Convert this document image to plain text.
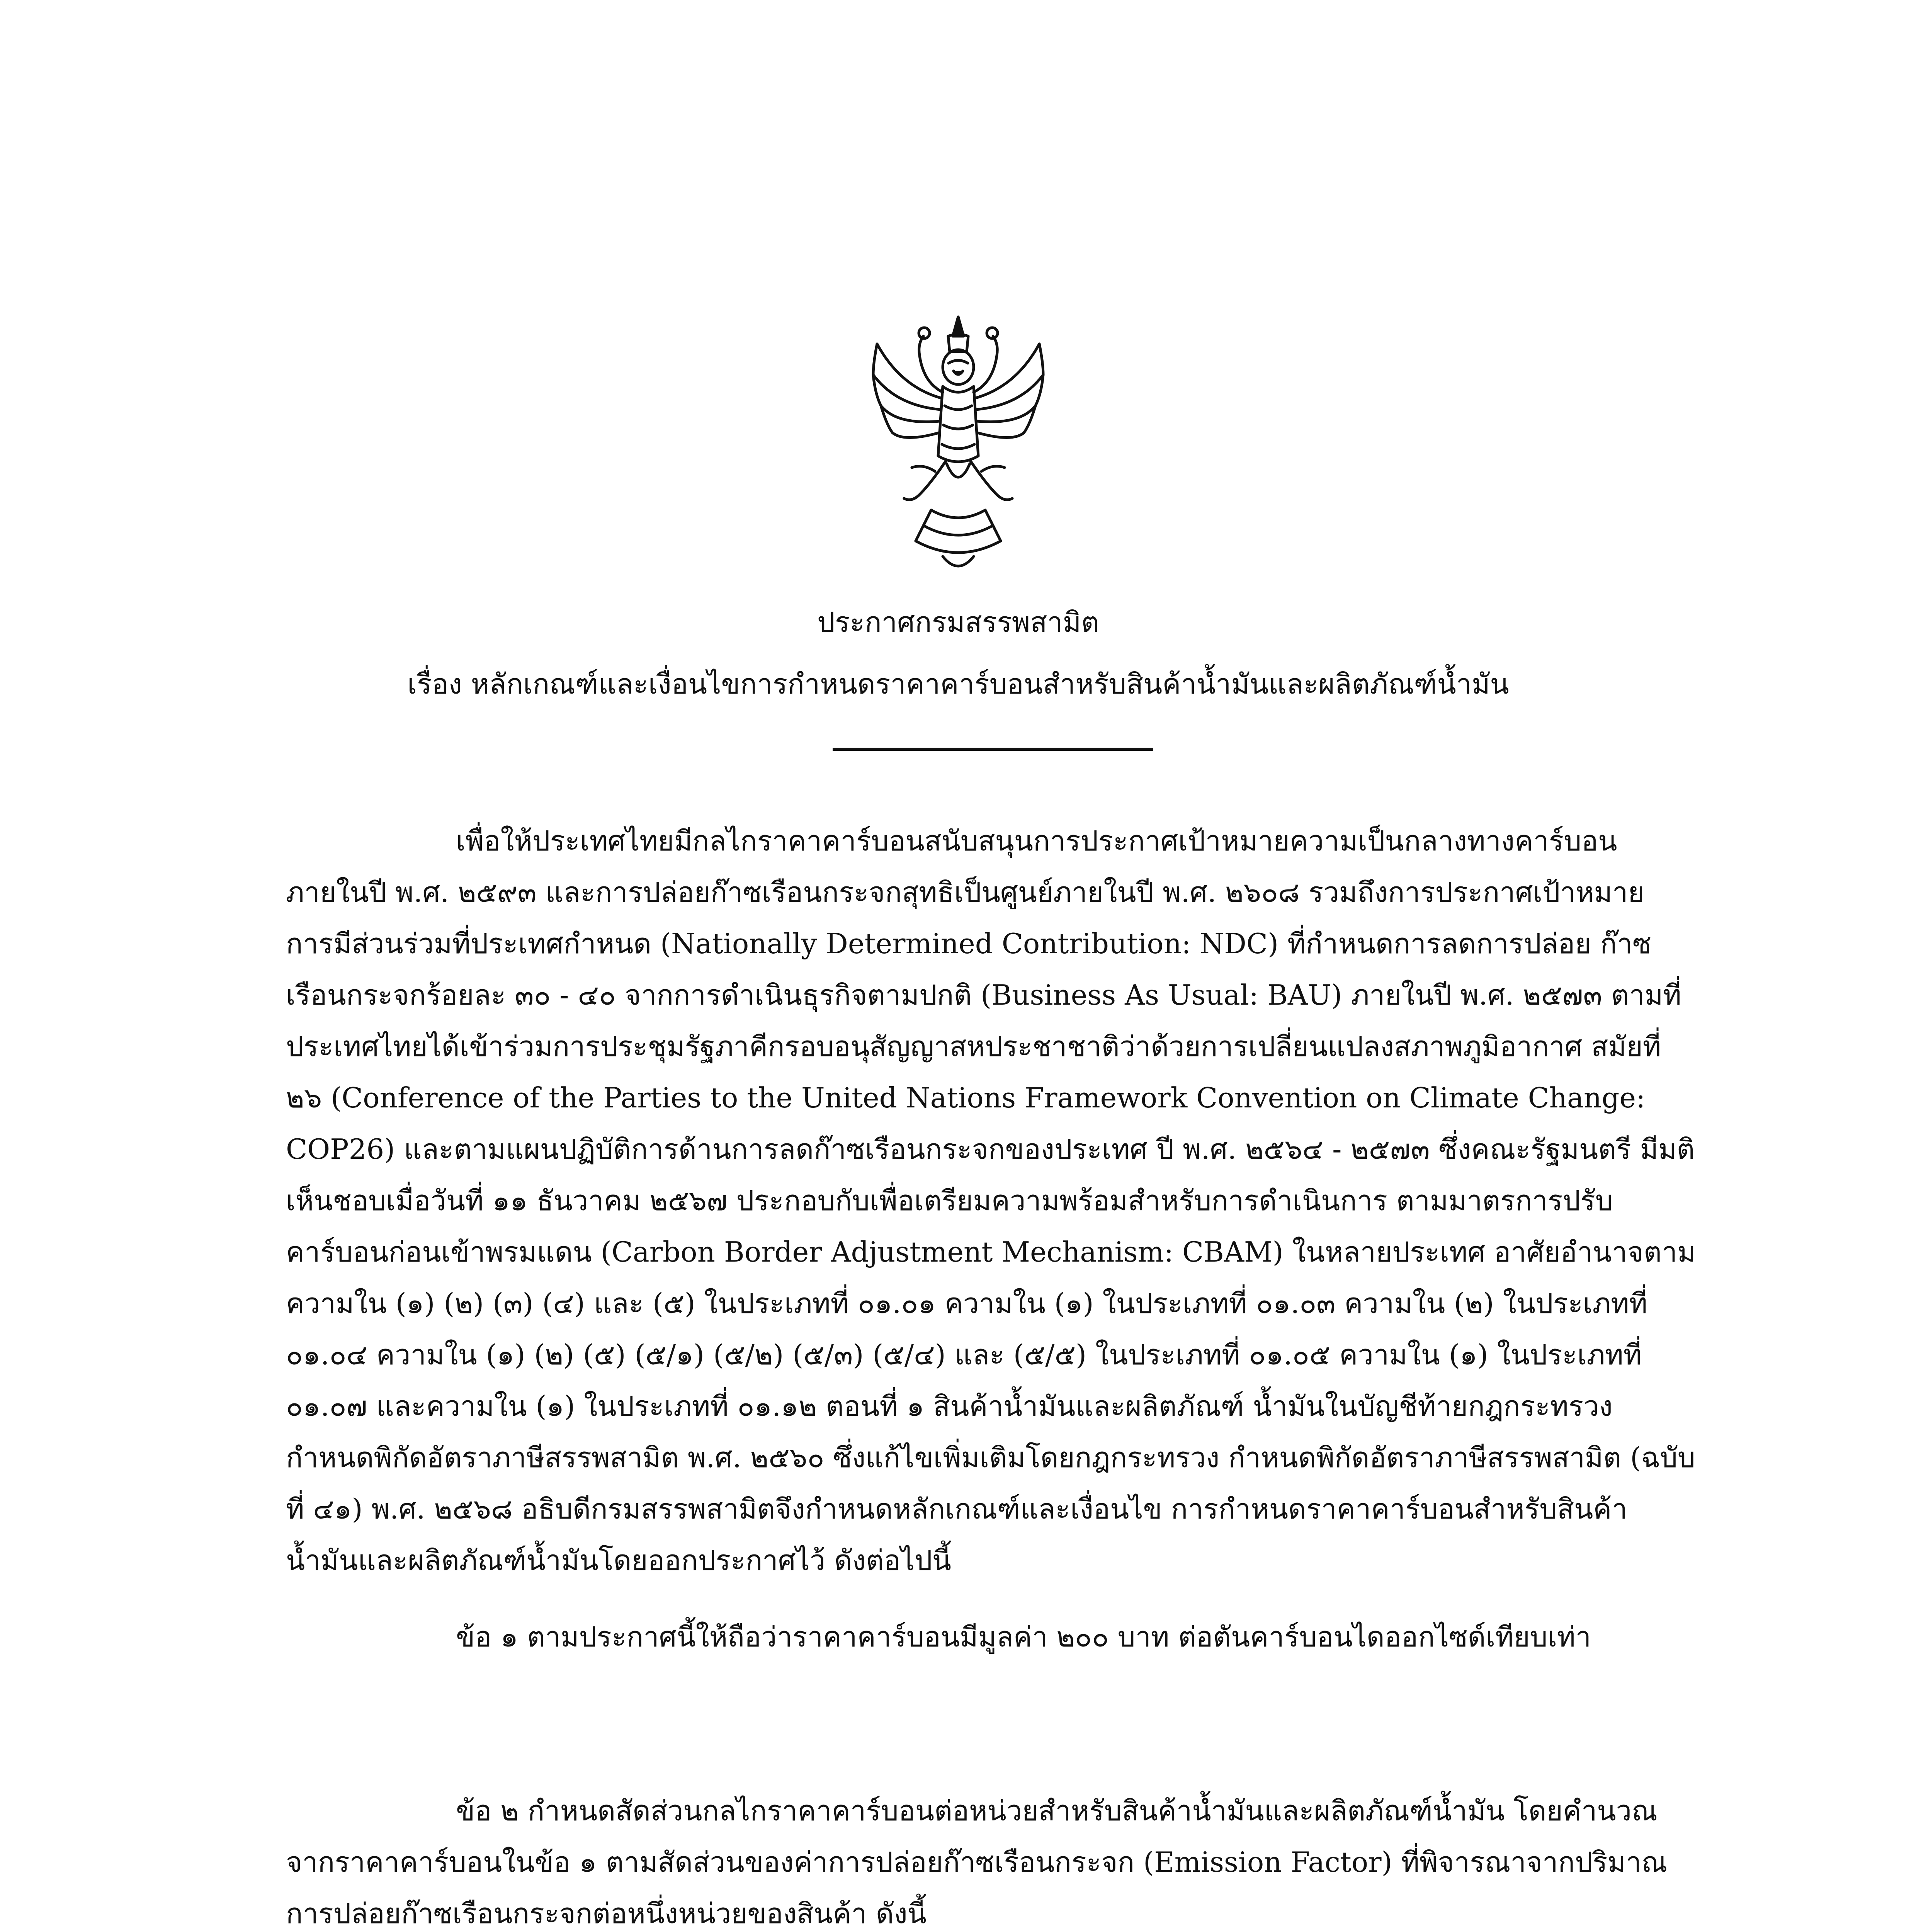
ประกาศกรมสรรพสามิต
เรื่อง หลักเกณฑ์และเงื่อนไขการกำหนดราคาคาร์บอนสำหรับสินค้าน้ำมันและผลิตภัณฑ์น้ำมัน

เพื่อให้ประเทศไทยมีกลไกราคาคาร์บอนสนับสนุนการประกาศเป้าหมายความเป็นกลางทางคาร์บอน ภายในปี พ.ศ. ๒๕๙๓ และการปล่อยก๊าซเรือนกระจกสุทธิเป็นศูนย์ภายในปี พ.ศ. ๒๖๐๘ รวมถึงการประกาศเป้าหมาย การมีส่วนร่วมที่ประเทศกำหนด (Nationally Determined Contribution: NDC) ที่กำหนดการลดการปล่อย ก๊าซเรือนกระจกร้อยละ ๓๐ - ๔๐ จากการดำเนินธุรกิจตามปกติ (Business As Usual: BAU) ภายในปี พ.ศ. ๒๕๗๓ ตามที่ประเทศไทยได้เข้าร่วมการประชุมรัฐภาคีกรอบอนุสัญญาสหประชาชาติว่าด้วยการเปลี่ยนแปลงสภาพภูมิอากาศ สมัยที่ ๒๖ (Conference of the Parties to the United Nations Framework Convention on Climate Change: COP26) และตามแผนปฏิบัติการด้านการลดก๊าซเรือนกระจกของประเทศ ปี พ.ศ. ๒๕๖๔ - ๒๕๗๓ ซึ่งคณะรัฐมนตรี มีมติเห็นชอบเมื่อวันที่ ๑๑ ธันวาคม ๒๕๖๗ ประกอบกับเพื่อเตรียมความพร้อมสำหรับการดำเนินการ ตามมาตรการปรับคาร์บอนก่อนเข้าพรมแดน (Carbon Border Adjustment Mechanism: CBAM) ในหลายประเทศ อาศัยอำนาจตามความใน (๑) (๒) (๓) (๔) และ (๕) ในประเภทที่ ๐๑.๐๑ ความใน (๑) ในประเภทที่ ๐๑.๐๓ ความใน (๒) ในประเภทที่ ๐๑.๐๔ ความใน (๑) (๒) (๕) (๕/๑) (๕/๒) (๕/๓) (๕/๔) และ (๕/๕) ในประเภทที่ ๐๑.๐๕ ความใน (๑) ในประเภทที่ ๐๑.๐๗ และความใน (๑) ในประเภทที่ ๐๑.๑๒ ตอนที่ ๑ สินค้าน้ำมันและผลิตภัณฑ์ น้ำมันในบัญชีท้ายกฎกระทรวงกำหนดพิกัดอัตราภาษีสรรพสามิต พ.ศ. ๒๕๖๐ ซึ่งแก้ไขเพิ่มเติมโดยกฎกระทรวง กำหนดพิกัดอัตราภาษีสรรพสามิต (ฉบับที่ ๔๑) พ.ศ. ๒๕๖๘ อธิบดีกรมสรรพสามิตจึงกำหนดหลักเกณฑ์และเงื่อนไข การกำหนดราคาคาร์บอนสำหรับสินค้าน้ำมันและผลิตภัณฑ์น้ำมันโดยออกประกาศไว้ ดังต่อไปนี้

ข้อ ๑ ตามประกาศนี้ให้ถือว่าราคาคาร์บอนมีมูลค่า ๒๐๐ บาท ต่อตันคาร์บอนไดออกไซด์เทียบเท่า

ข้อ ๒ กำหนดสัดส่วนกลไกราคาคาร์บอนต่อหน่วยสำหรับสินค้าน้ำมันและผลิตภัณฑ์น้ำมัน โดยคำนวณจากราคาคาร์บอนในข้อ ๑ ตามสัดส่วนของค่าการปล่อยก๊าซเรือนกระจก (Emission Factor) ที่พิจารณาจากปริมาณการปล่อยก๊าซเรือนกระจกต่อหนึ่งหน่วยของสินค้า ดังนี้
